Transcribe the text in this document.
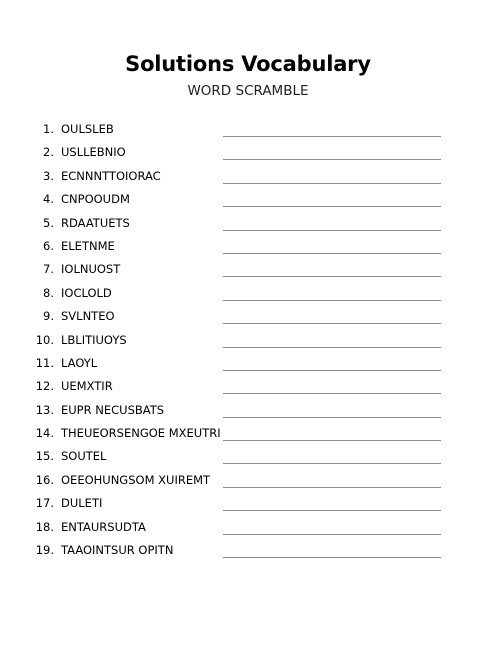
Solutions Vocabulary
WORD SCRAMBLE
1. OULSLEB
2. USLLEBNIO
3. ECNNNTTOIORAC
4. CNPOOUDM
5. RDAATUETS
6. ELETNME
7. IOLNUOST
8. IOCLOLD
9. SVLNTEO
10. LBLITIUOYS
11. LAOYL
12. UEMXTIR
13. EUPR NECUSBATS
14. THEUEORSENGOE MXEUTRI
15. SOUTEL
16. OEEOHUNGSOM XUIREMT
17. DULETI
18. ENTAURSUDTA
19. TAAOINTSUR OPITN
